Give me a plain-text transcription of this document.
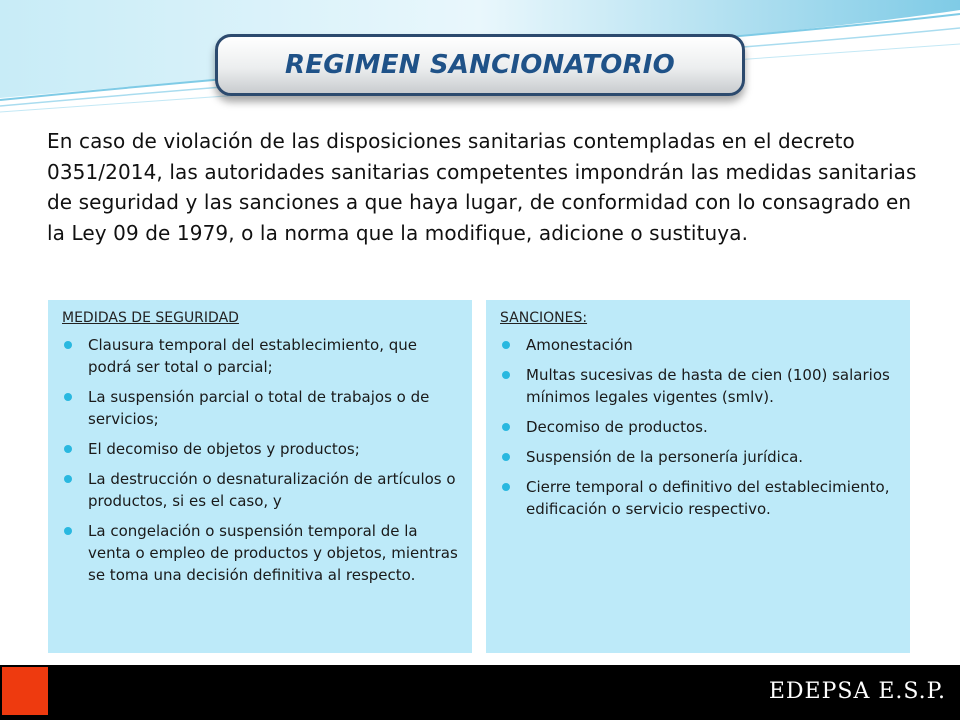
REGIMEN SANCIONATORIO
En caso de violación de las disposiciones sanitarias contempladas en el decreto 0351/2014, las autoridades sanitarias competentes impondrán las medidas sanitarias de seguridad y las sanciones a que haya lugar, de conformidad con lo consagrado en la Ley 09 de 1979, o la norma que la modifique, adicione o sustituya.
MEDIDAS DE SEGURIDAD
Clausura temporal del establecimiento, que podrá ser total o parcial;
La suspensión parcial o total de trabajos o de servicios;
El decomiso de objetos y productos;
La destrucción o desnaturalización de artículos o productos, si es el caso, y
La congelación o suspensión temporal de la venta o empleo de productos y objetos, mientras se toma una decisión definitiva al respecto.
SANCIONES:
Amonestación
Multas sucesivas de hasta de cien (100) salarios mínimos legales vigentes (smlv).
Decomiso de productos.
Suspensión de la personería jurídica.
Cierre temporal o definitivo del establecimiento, edificación o servicio respectivo.
EDEPSA E.S.P.
